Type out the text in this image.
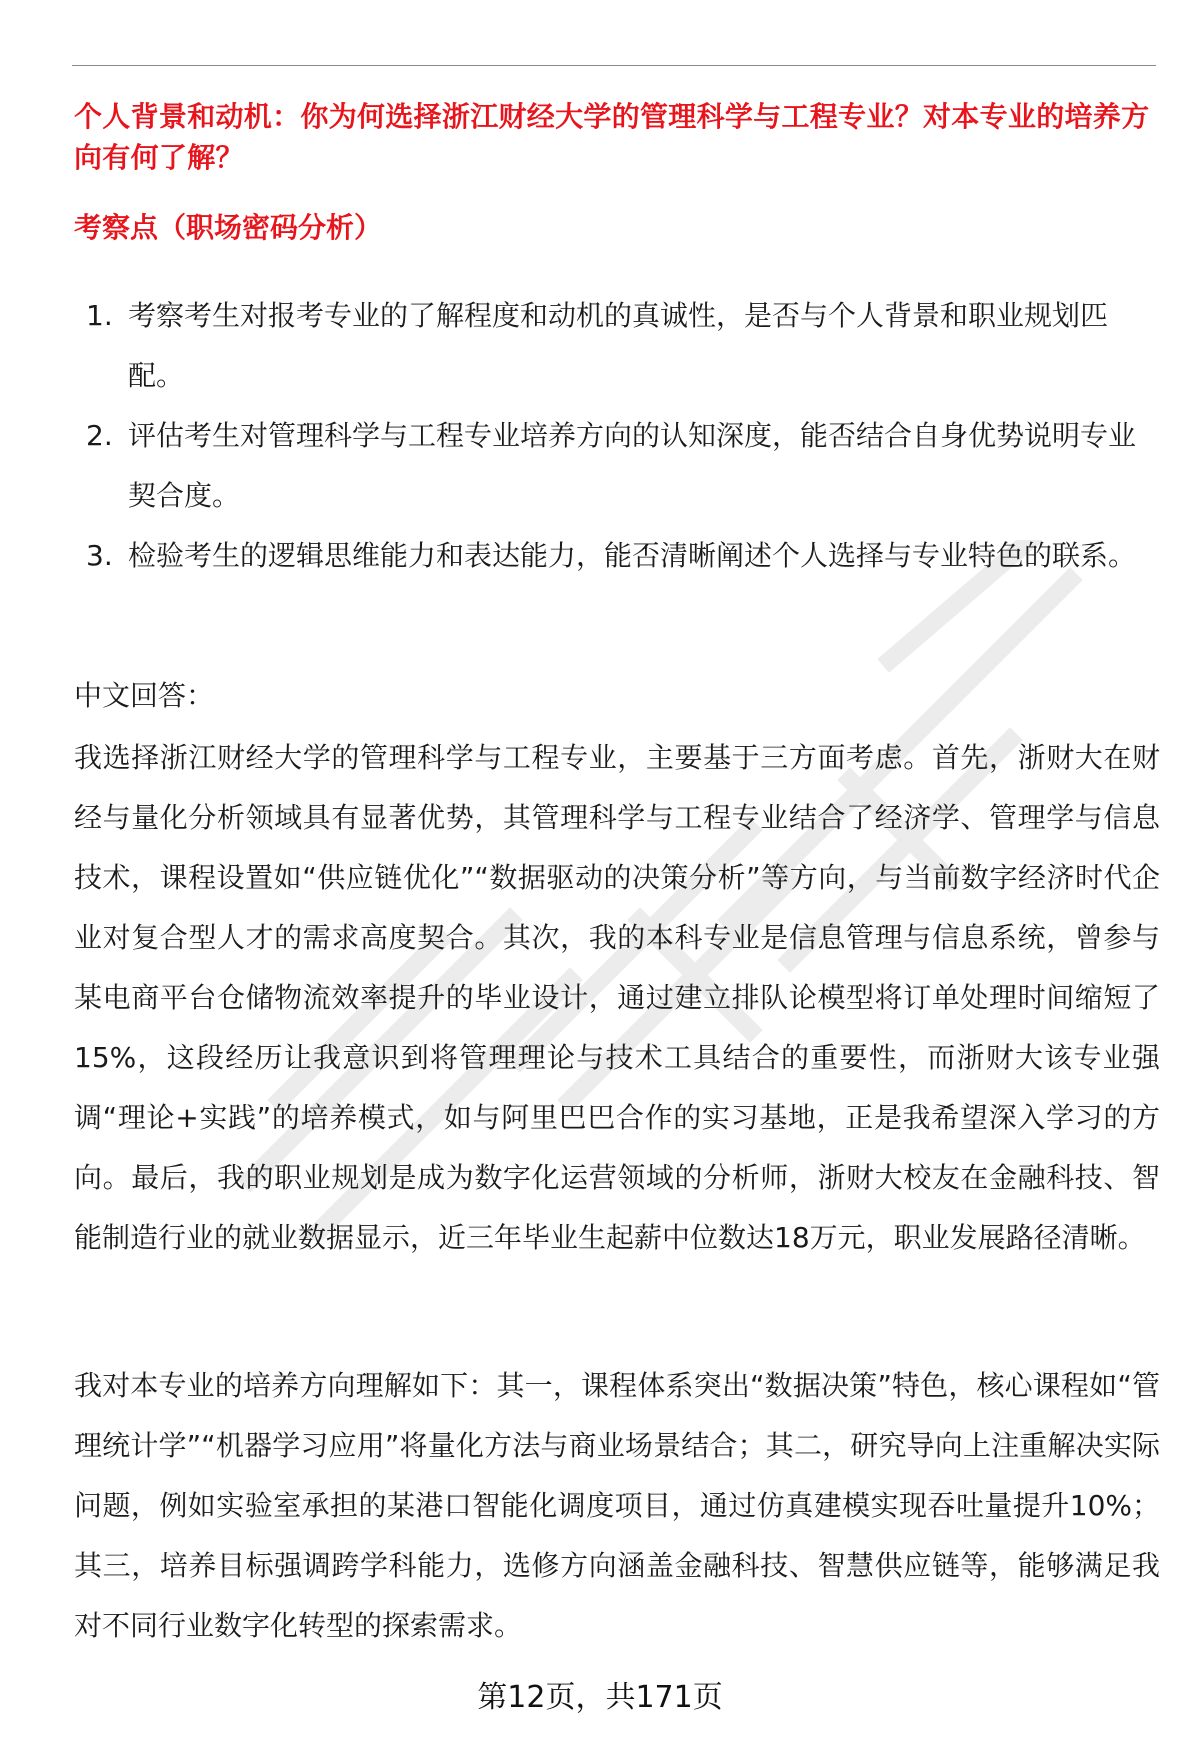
个人背景和动机：你为何选择浙江财经大学的管理科学与工程专业？对本专业的培养方向有何了解？
考察点（职场密码分析）
1. 考察考生对报考专业的了解程度和动机的真诚性，是否与个人背景和职业规划匹配。
2. 评估考生对管理科学与工程专业培养方向的认知深度，能否结合自身优势说明专业契合度。
3. 检验考生的逻辑思维能力和表达能力，能否清晰阐述个人选择与专业特色的联系。
中文回答：

我选择浙江财经大学的管理科学与工程专业，主要基于三方面考虑。首先，浙财大在财经与量化分析领域具有显著优势，其管理科学与工程专业结合了经济学、管理学与信息技术，课程设置如“供应链优化”“数据驱动的决策分析”等方向，与当前数字经济时代企业对复合型人才的需求高度契合。其次，我的本科专业是信息管理与信息系统，曾参与某电商平台仓储物流效率提升的毕业设计，通过建立排队论模型将订单处理时间缩短了15%，这段经历让我意识到将管理理论与技术工具结合的重要性，而浙财大该专业强调“理论+实践”的培养模式，如与阿里巴巴合作的实习基地，正是我希望深入学习的方向。最后，我的职业规划是成为数字化运营领域的分析师，浙财大校友在金融科技、智能制造行业的就业数据显示，近三年毕业生起薪中位数达18万元，职业发展路径清晰。

我对本专业的培养方向理解如下：其一，课程体系突出“数据决策”特色，核心课程如“管理统计学”“机器学习应用”将量化方法与商业场景结合；其二，研究导向上注重解决实际问题，例如实验室承担的某港口智能化调度项目，通过仿真建模实现吞吐量提升10%；其三，培养目标强调跨学科能力，选修方向涵盖金融科技、智慧供应链等，能够满足我对不同行业数字化转型的探索需求。

第12页，共171页
